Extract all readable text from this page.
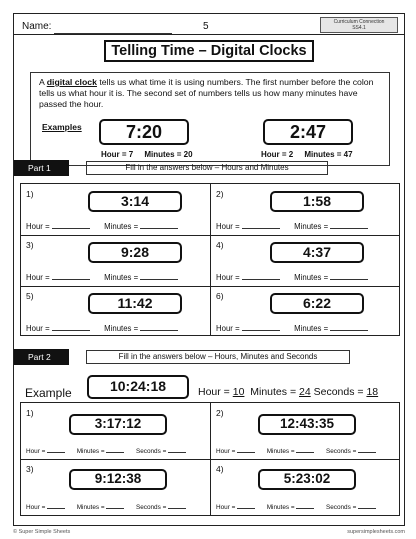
Name:	5	Curriculum Connection
SS4.1
Telling Time – Digital Clocks
A digital clock tells us what time it is using numbers. The first number before the colon tells us what hour it is. The second set of numbers tells us how many minutes have passed the hour.
Examples	7:20
Hour = 7     Minutes = 20
2:47
Hour = 2     Minutes = 47
Part 1	Fill in the answers below – Hours and Minutes
1)	3:14
Hour =	Minutes =
2)	1:58
Hour =	Minutes =
3)	9:28
Hour =	Minutes =
4)	4:37
Hour =	Minutes =
5)	11:42
Hour =	Minutes =
6)	6:22
Hour =	Minutes =
Part 2	Fill in the answers below – Hours, Minutes and Seconds
Example	10:24:18	Hour = 10  Minutes = 24 Seconds = 18
1)
3:17:12
Hour =	Minutes =	Seconds =
2)
12:43:35
Hour =	Minutes =	Seconds =
3)
9:12:38
Hour =	Minutes =	Seconds =
4)
5:23:02
Hour =	Minutes =	Seconds =
© Super Simple Sheets	supersimplesheets.com
